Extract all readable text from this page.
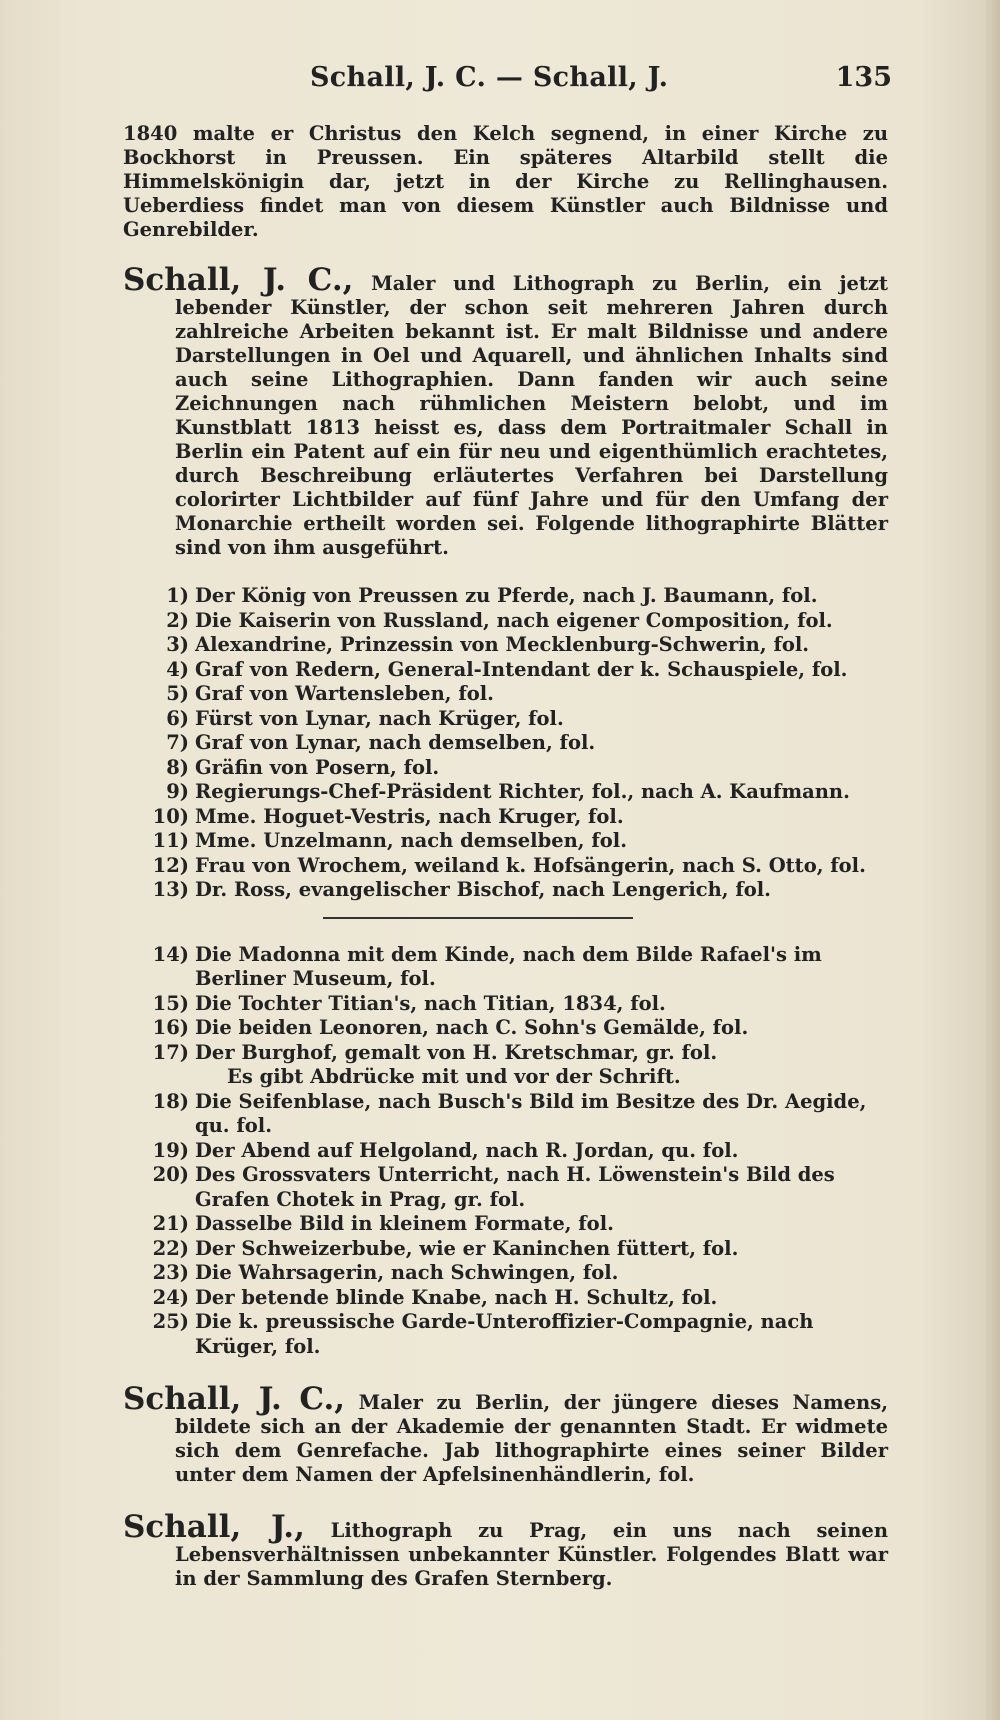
Schall, J. C. — Schall, J.	135

1840 malte er Christus den Kelch segnend, in einer Kirche zu Bockhorst in Preussen. Ein späteres Altarbild stellt die Himmelskönigin dar, jetzt in der Kirche zu Rellinghausen. Ueberdiess findet man von diesem Künstler auch Bildnisse und Genrebilder.

Schall, J. C., Maler und Lithograph zu Berlin, ein jetzt lebender Künstler, der schon seit mehreren Jahren durch zahlreiche Arbeiten bekannt ist. Er malt Bildnisse und andere Darstellungen in Oel und Aquarell, und ähnlichen Inhalts sind auch seine Lithographien. Dann fanden wir auch seine Zeichnungen nach rühmlichen Meistern belobt, und im Kunstblatt 1813 heisst es, dass dem Portraitmaler Schall in Berlin ein Patent auf ein für neu und eigenthümlich erachtetes, durch Beschreibung erläutertes Verfahren bei Darstellung colorirter Lichtbilder auf fünf Jahre und für den Umfang der Monarchie ertheilt worden sei. Folgende lithographirte Blätter sind von ihm ausgeführt.

1) Der König von Preussen zu Pferde, nach J. Baumann, fol.
2) Die Kaiserin von Russland, nach eigener Composition, fol.
3) Alexandrine, Prinzessin von Mecklenburg-Schwerin, fol.
4) Graf von Redern, General-Intendant der k. Schauspiele, fol.
5) Graf von Wartensleben, fol.
6) Fürst von Lynar, nach Krüger, fol.
7) Graf von Lynar, nach demselben, fol.
8) Gräfin von Posern, fol.
9) Regierungs-Chef-Präsident Richter, fol., nach A. Kaufmann.
10) Mme. Hoguet-Vestris, nach Kruger, fol.
11) Mme. Unzelmann, nach demselben, fol.
12) Frau von Wrochem, weiland k. Hofsängerin, nach S. Otto, fol.
13) Dr. Ross, evangelischer Bischof, nach Lengerich, fol.
14) Die Madonna mit dem Kinde, nach dem Bilde Rafael's im Berliner Museum, fol.
15) Die Tochter Titian's, nach Titian, 1834, fol.
16) Die beiden Leonoren, nach C. Sohn's Gemälde, fol.
17) Der Burghof, gemalt von H. Kretschmar, gr. fol.
Es gibt Abdrücke mit und vor der Schrift.
18) Die Seifenblase, nach Busch's Bild im Besitze des Dr. Aegide, qu. fol.
19) Der Abend auf Helgoland, nach R. Jordan, qu. fol.
20) Des Grossvaters Unterricht, nach H. Löwenstein's Bild des Grafen Chotek in Prag, gr. fol.
21) Dasselbe Bild in kleinem Formate, fol.
22) Der Schweizerbube, wie er Kaninchen füttert, fol.
23) Die Wahrsagerin, nach Schwingen, fol.
24) Der betende blinde Knabe, nach H. Schultz, fol.
25) Die k. preussische Garde-Unteroffizier-Compagnie, nach Krüger, fol.

Schall, J. C., Maler zu Berlin, der jüngere dieses Namens, bildete sich an der Akademie der genannten Stadt. Er widmete sich dem Genrefache. Jab lithographirte eines seiner Bilder unter dem Namen der Apfelsinenhändlerin, fol.

Schall, J., Lithograph zu Prag, ein uns nach seinen Lebensverhältnissen unbekannter Künstler. Folgendes Blatt war in der Sammlung des Grafen Sternberg.
